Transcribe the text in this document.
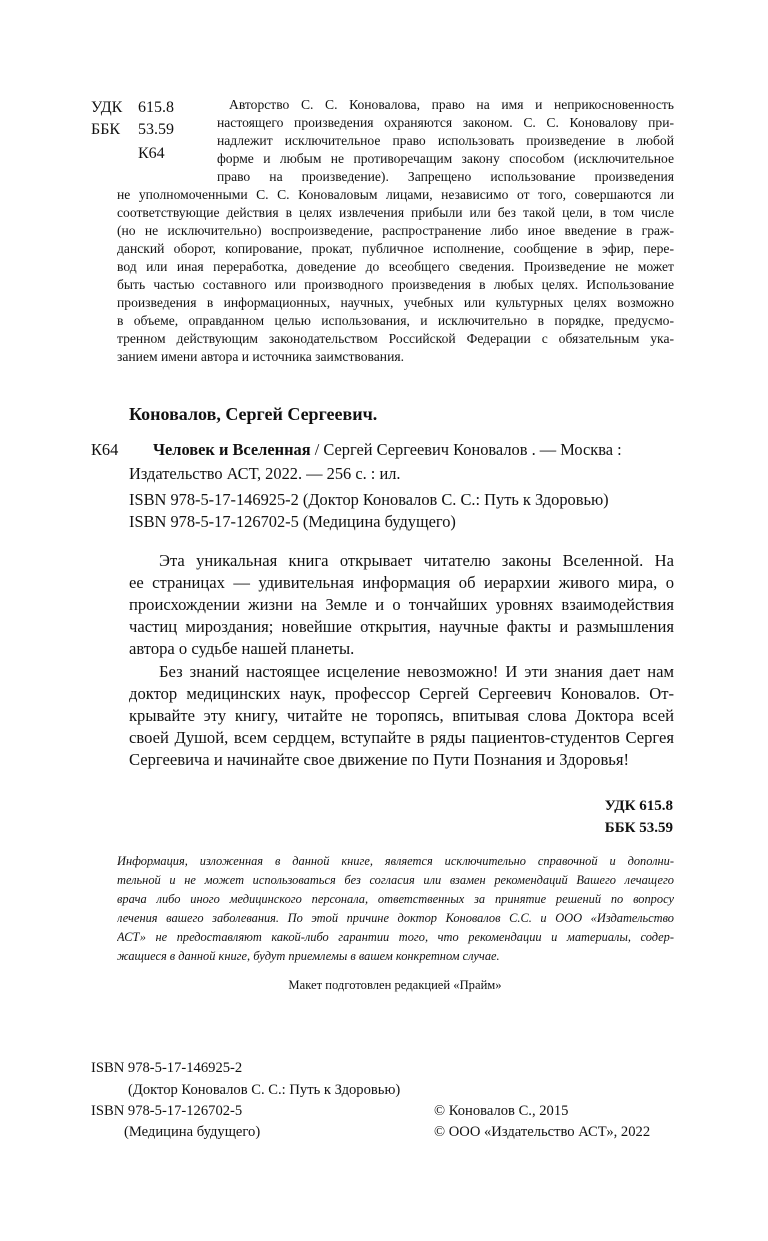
УДК 615.8
ББК 53.59
К64
Авторство С. С. Коновалова, право на имя и неприкосновенность
настоящего произведения охраняются законом. С. С. Коновалову при-
надлежит исключительное право использовать произведение в любой
форме и любым не противоречащим закону способом (исключительное
право на произведение). Запрещено использование произведения
не уполномоченными С. С. Коноваловым лицами, независимо от того, совершаются ли
соответствующие действия в целях извлечения прибыли или без такой цели, в том числе
(но не исключительно) воспроизведение, распространение либо иное введение в граж-
данский оборот, копирование, прокат, публичное исполнение, сообщение в эфир, пере-
вод или иная переработка, доведение до всеобщего сведения. Произведение не может
быть частью составного или производного произведения в любых целях. Использование
произведения в информационных, научных, учебных или культурных целях возможно
в объеме, оправданном целью использования, и исключительно в порядке, предусмо-
тренном действующим законодательством Российской Федерации с обязательным ука-
занием имени автора и источника заимствования.
Коновалов, Сергей Сергеевич.
К64 Человек и Вселенная / Сергей Сергеевич Коновалов . — Москва :
Издательство АСТ, 2022. — 256 с. : ил.
ISBN 978-5-17-146925-2 (Доктор Коновалов С. С.: Путь к Здоровью)
ISBN 978-5-17-126702-5 (Медицина будущего)
Эта уникальная книга открывает читателю законы Вселенной. На
ее страницах — удивительная информация об иерархии живого мира, о
происхождении жизни на Земле и о тончайших уровнях взаимодействия
частиц мироздания; новейшие открытия, научные факты и размышления
автора о судьбе нашей планеты.
Без знаний настоящее исцеление невозможно! И эти знания дает нам
доктор медицинских наук, профессор Сергей Сергеевич Коновалов. От-
крывайте эту книгу, читайте не торопясь, впитывая слова Доктора всей
своей Душой, всем сердцем, вступайте в ряды пациентов-студентов Сергея
Сергеевича и начинайте свое движение по Пути Познания и Здоровья!
УДК 615.8
ББК 53.59
Информация, изложенная в данной книге, является исключительно справочной и дополни-
тельной и не может использоваться без согласия или взамен рекомендаций Вашего лечащего
врача либо иного медицинского персонала, ответственных за принятие решений по вопросу
лечения вашего заболевания. По этой причине доктор Коновалов С.С. и ООО «Издательство
АСТ» не предоставляют какой-либо гарантии того, что рекомендации и материалы, содер-
жащиеся в данной книге, будут приемлемы в вашем конкретном случае.
Макет подготовлен редакцией «Прайм»
ISBN 978-5-17-146925-2
(Доктор Коновалов С. С.: Путь к Здоровью)
ISBN 978-5-17-126702-5
(Медицина будущего)
© Коновалов С., 2015
© ООО «Издательство АСТ», 2022
